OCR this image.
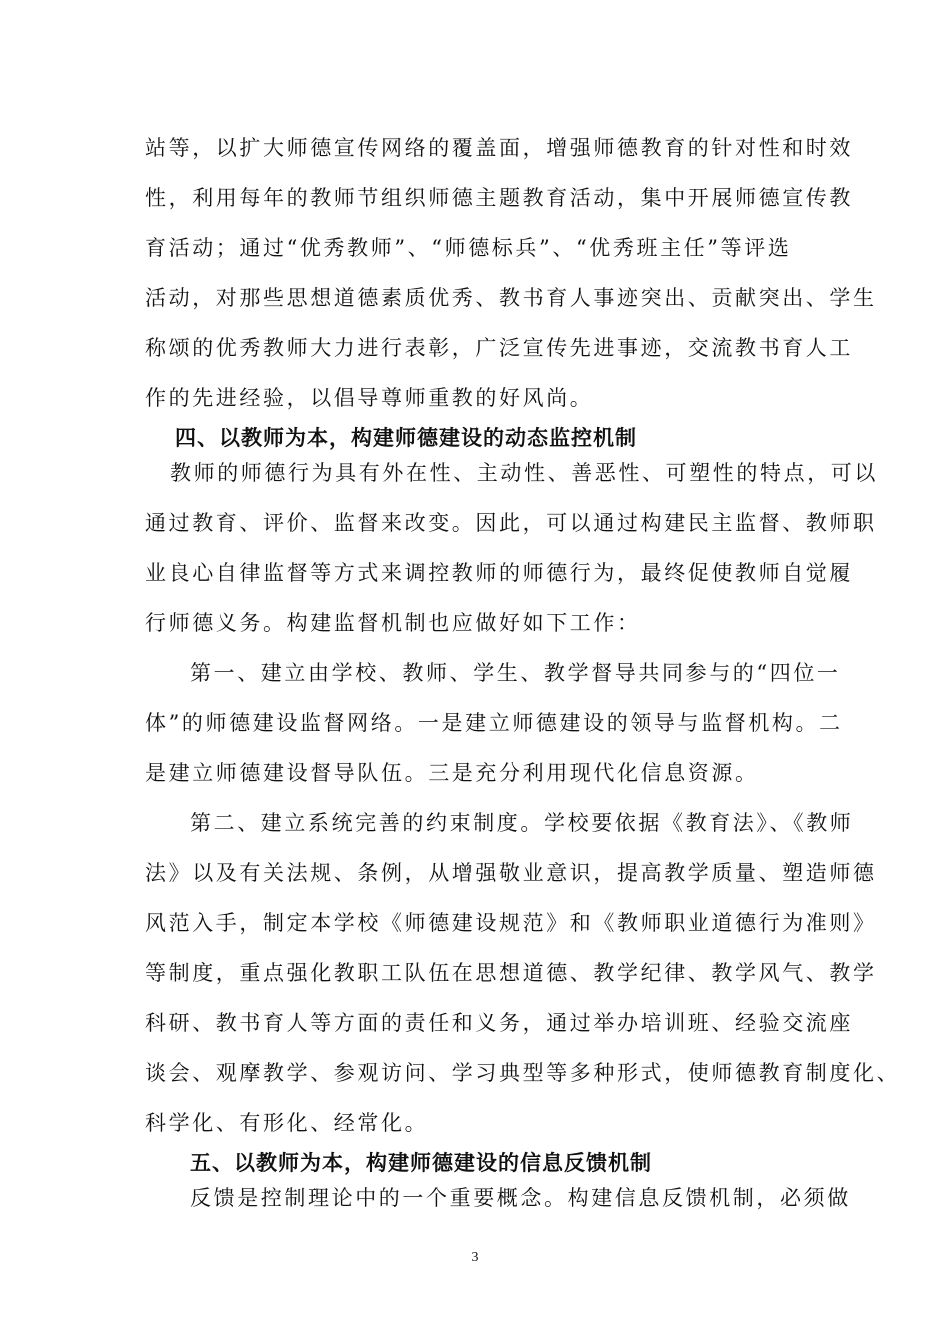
站等，以扩大师德宣传网络的覆盖面，增强师德教育的针对性和时效
性，利用每年的教师节组织师德主题教育活动，集中开展师德宣传教
育活动；通过“优秀教师”、“师德标兵”、“优秀班主任”等评选
活动，对那些思想道德素质优秀、教书育人事迹突出、贡献突出、学生
称颂的优秀教师大力进行表彰，广泛宣传先进事迹，交流教书育人工
作的先进经验，以倡导尊师重教的好风尚。
四、以教师为本，构建师德建设的动态监控机制
教师的师德行为具有外在性、主动性、善恶性、可塑性的特点，可以
通过教育、评价、监督来改变。因此，可以通过构建民主监督、教师职
业良心自律监督等方式来调控教师的师德行为，最终促使教师自觉履
行师德义务。构建监督机制也应做好如下工作：
第一、建立由学校、教师、学生、教学督导共同参与的“四位一
体”的师德建设监督网络。一是建立师德建设的领导与监督机构。二
是建立师德建设督导队伍。三是充分利用现代化信息资源。
第二、建立系统完善的约束制度。学校要依据《教育法》、《教师
法》以及有关法规、条例，从增强敬业意识，提高教学质量、塑造师德
风范入手，制定本学校《师德建设规范》和《教师职业道德行为准则》
等制度，重点强化教职工队伍在思想道德、教学纪律、教学风气、教学
科研、教书育人等方面的责任和义务，通过举办培训班、经验交流座
谈会、观摩教学、参观访问、学习典型等多种形式，使师德教育制度化、
科学化、有形化、经常化。
五、以教师为本，构建师德建设的信息反馈机制
反馈是控制理论中的一个重要概念。构建信息反馈机制，必须做
3
